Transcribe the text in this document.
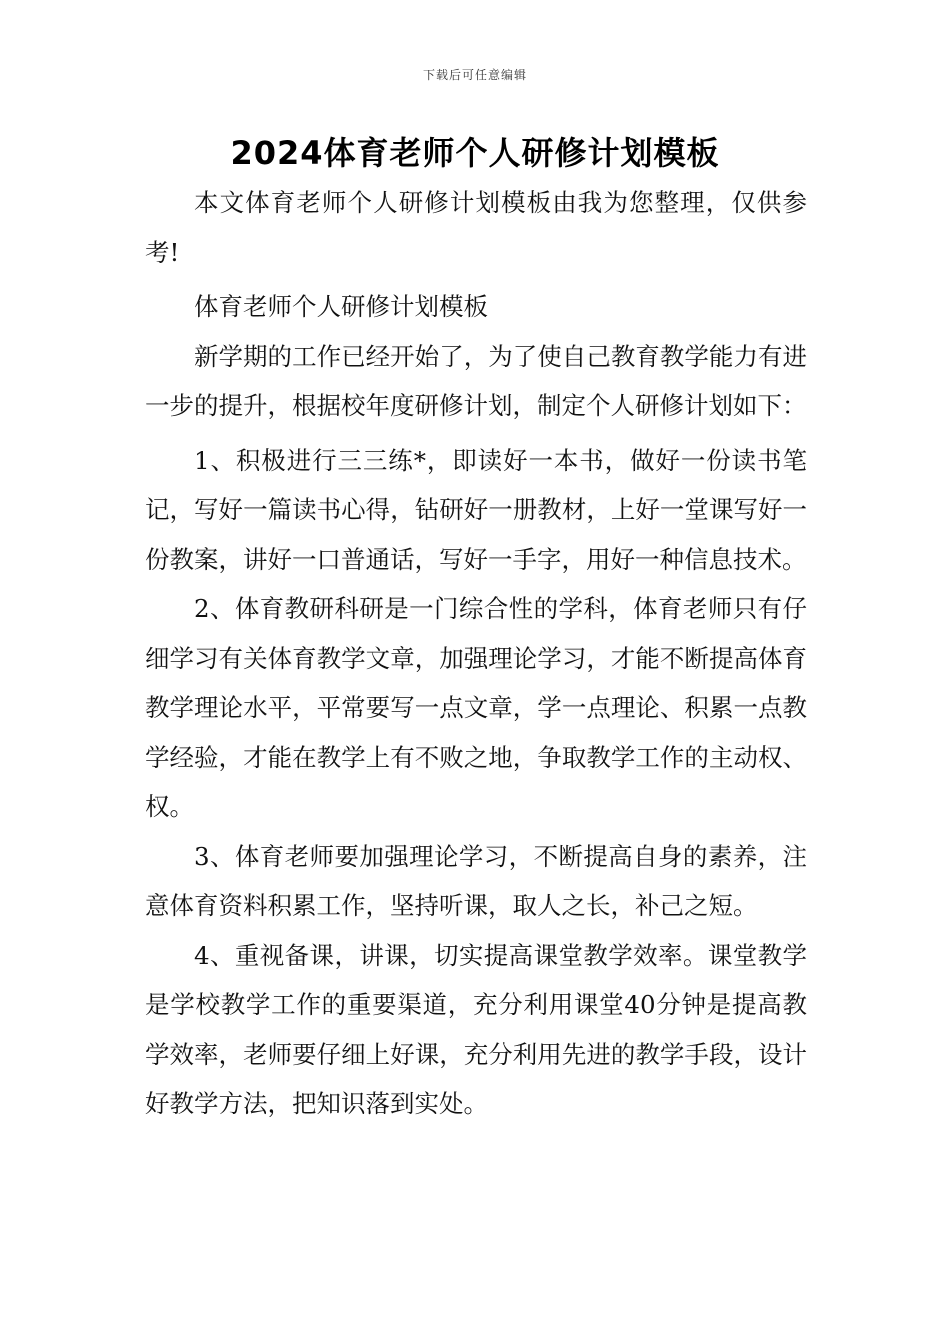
下载后可任意编辑
2024体育老师个人研修计划模板

本文体育老师个人研修计划模板由我为您整理，仅供参考!

体育老师个人研修计划模板

新学期的工作已经开始了，为了使自己教育教学能力有进一步的提升，根据校年度研修计划，制定个人研修计划如下：

1、积极进行三三练*，即读好一本书，做好一份读书笔记，写好一篇读书心得，钻研好一册教材，上好一堂课写好一份教案，讲好一口普通话，写好一手字，用好一种信息技术。

2、体育教研科研是一门综合性的学科，体育老师只有仔细学习有关体育教学文章，加强理论学习，才能不断提高体育教学理论水平，平常要写一点文章，学一点理论、积累一点教学经验，才能在教学上有不败之地，争取教学工作的主动权、权。

3、体育老师要加强理论学习，不断提高自身的素养，注意体育资料积累工作，坚持听课，取人之长，补己之短。

4、重视备课，讲课，切实提高课堂教学效率。课堂教学是学校教学工作的重要渠道，充分利用课堂40分钟是提高教学效率，老师要仔细上好课，充分利用先进的教学手段，设计好教学方法，把知识落到实处。
